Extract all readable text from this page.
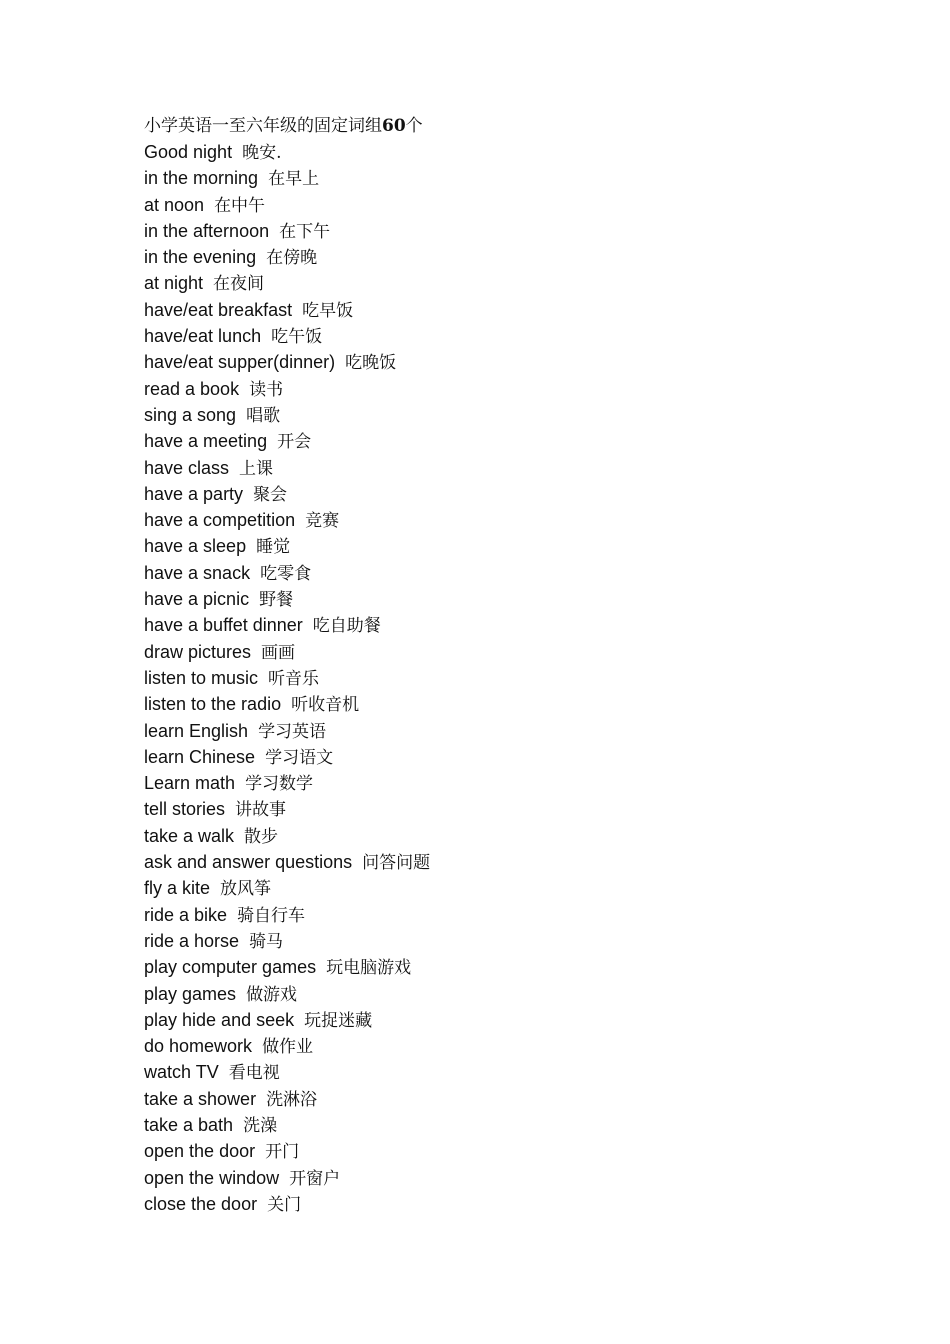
小学英语一至六年级的固定词组60个
Good night 晚安.
in the morning 在早上
at noon 在中午
in the afternoon 在下午
in the evening 在傍晚
at night 在夜间
have/eat breakfast 吃早饭
have/eat lunch 吃午饭
have/eat supper(dinner) 吃晚饭
read a book 读书
sing a song 唱歌
have a meeting 开会
have class 上课
have a party 聚会
have a competition 竞赛
have a sleep 睡觉
have a snack 吃零食
have a picnic 野餐
have a buffet dinner 吃自助餐
draw pictures 画画
listen to music 听音乐
listen to the radio 听收音机
learn English 学习英语
learn Chinese 学习语文
Learn math 学习数学
tell stories 讲故事
take a walk 散步
ask and answer questions 问答问题
fly a kite 放风筝
ride a bike 骑自行车
ride a horse 骑马
play computer games 玩电脑游戏
play games 做游戏
play hide and seek 玩捉迷藏
do homework 做作业
watch TV 看电视
take a shower 洗淋浴
take a bath 洗澡
open the door 开门
open the window 开窗户
close the door 关门
